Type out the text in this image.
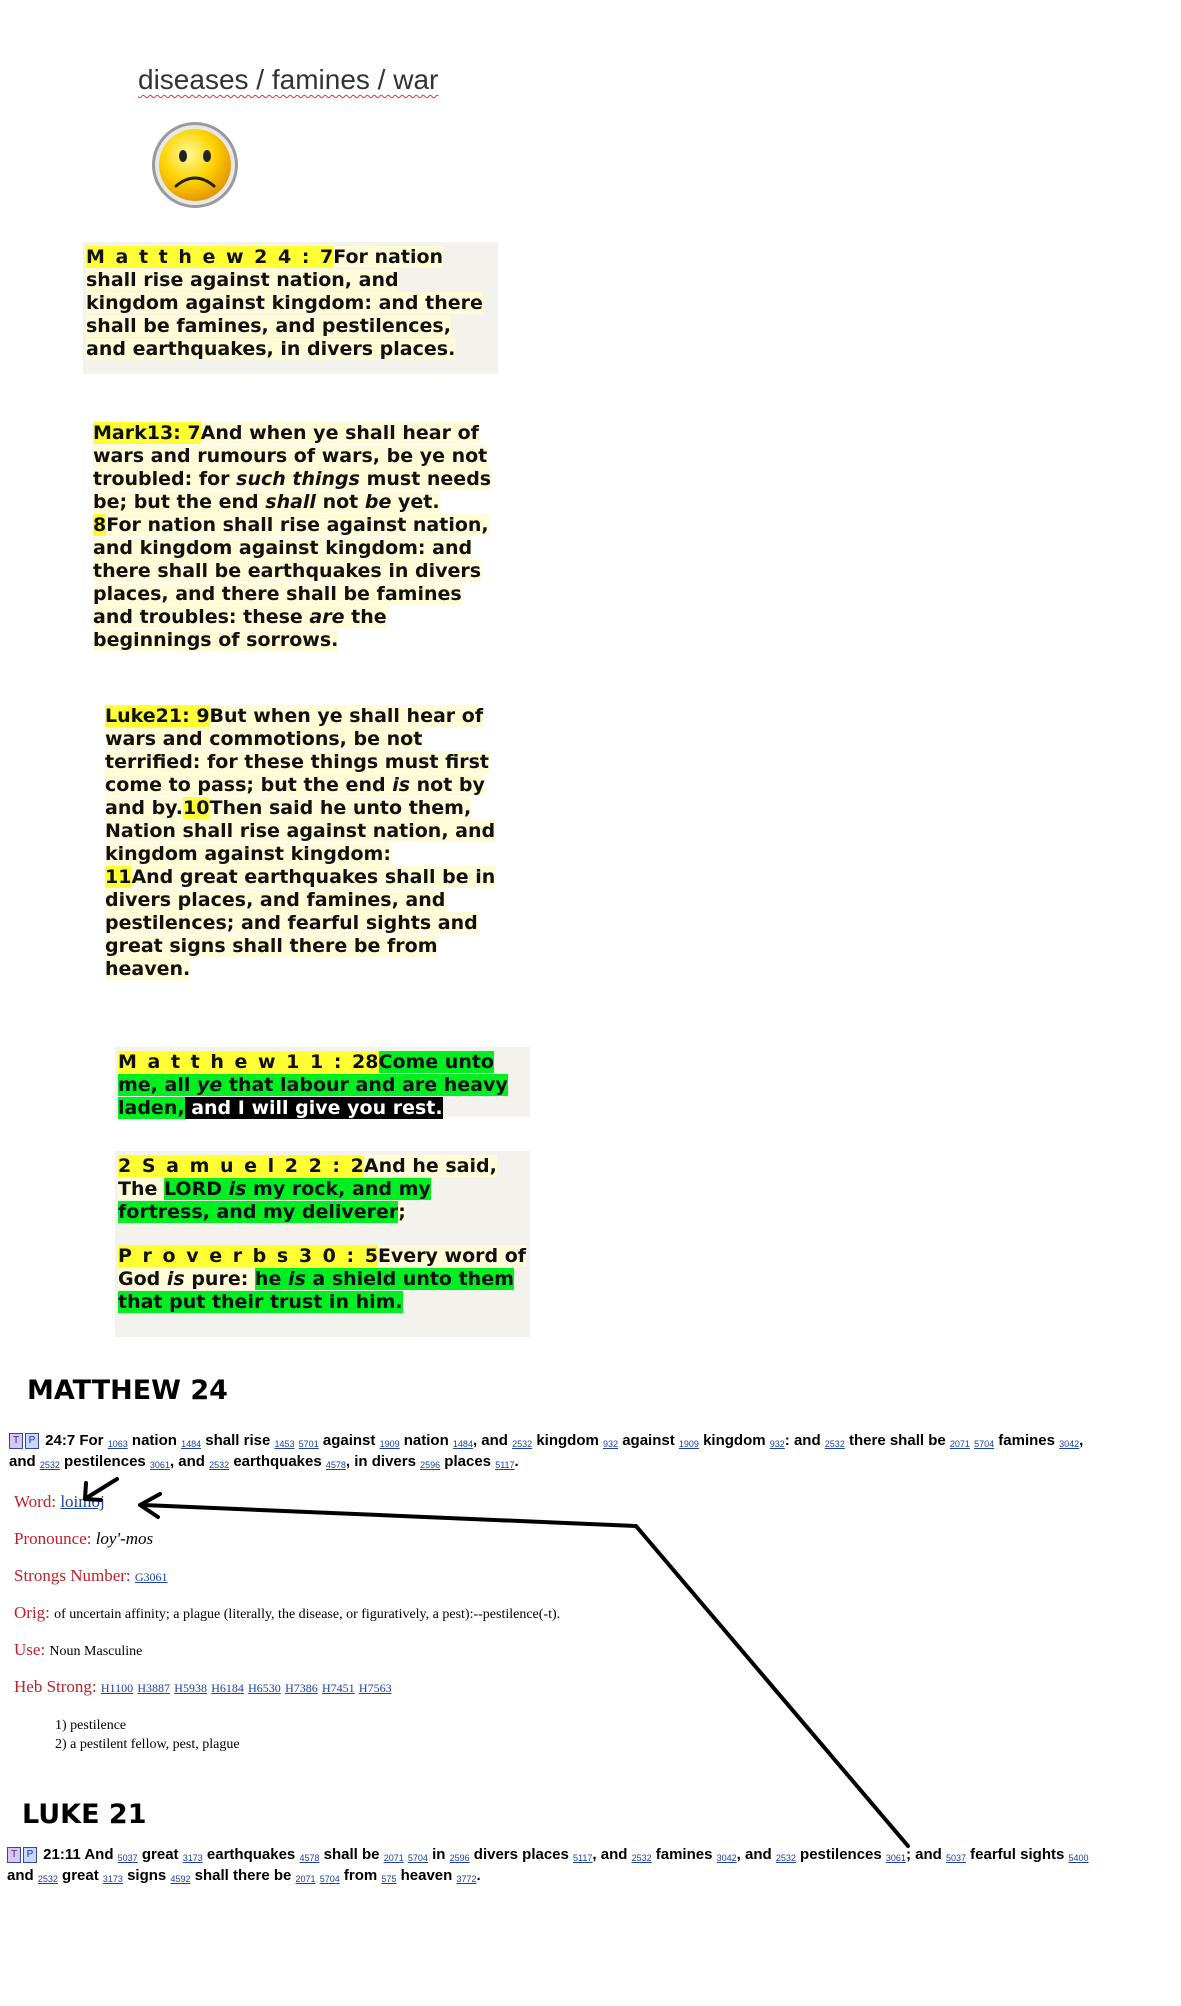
diseases / famines / war
M a t t h e w 2 4 : 7For nation shall rise against nation, and kingdom against kingdom: and there shall be famines, and pestilences, and earthquakes, in divers places.
Mark13: 7And when ye shall hear of wars and rumours of wars, be ye not troubled: for such things must needs be; but the end shall not be yet.
8For nation shall rise against nation, and kingdom against kingdom: and there shall be earthquakes in divers places, and there shall be famines and troubles: these are the beginnings of sorrows.
Luke21: 9But when ye shall hear of wars and commotions, be not terrified: for these things must first come to pass; but the end is not by and by.10Then said he unto them, Nation shall rise against nation, and kingdom against kingdom:
11And great earthquakes shall be in divers places, and famines, and pestilences; and fearful sights and great signs shall there be from heaven.
M a t t h e w 1 1 : 28Come unto me, all ye that labour and are heavy laden, and I will give you rest.
2 S a m u e l 2 2 : 2And he said, The LORD is my rock, and my fortress, and my deliverer;
P r o v e r b s 3 0 : 5Every word of God is pure: he is a shield unto them that put their trust in him.
MATTHEW 24
T P 24:7 For $_{1063}$ nation $_{1484}$ shall rise $_{1453}$ $_{5701}$ against $_{1909}$ nation $_{1484}$, and $_{2532}$ kingdom $_{932}$ against $_{1909}$ kingdom $_{932}$: and $_{2532}$ there shall be $_{2071}$ $_{5704}$ famines $_{3042}$,
and $_{2532}$ pestilences $_{3061}$, and $_{2532}$ earthquakes $_{4578}$, in divers $_{2596}$ places $_{5117}$.
Word: loimoj
Pronounce: loy'-mos
Strongs Number: G3061
Orig: of uncertain affinity; a plague (literally, the disease, or figuratively, a pest):--pestilence(-t).
Use: Noun Masculine
Heb Strong: H1100 H3887 H5938 H6184 H6530 H7386 H7451 H7563
1) pestilence
2) a pestilent fellow, pest, plague
LUKE 21
T P 21:11 And $_{5037}$ great $_{3173}$ earthquakes $_{4578}$ shall be $_{2071}$ $_{5704}$ in $_{2596}$ divers places $_{5117}$, and $_{2532}$ famines $_{3042}$, and $_{2532}$ pestilences $_{3061}$; and $_{5037}$ fearful sights $_{5400}$
and $_{2532}$ great $_{3173}$ signs $_{4592}$ shall there be $_{2071}$ $_{5704}$ from $_{575}$ heaven $_{3772}$.
